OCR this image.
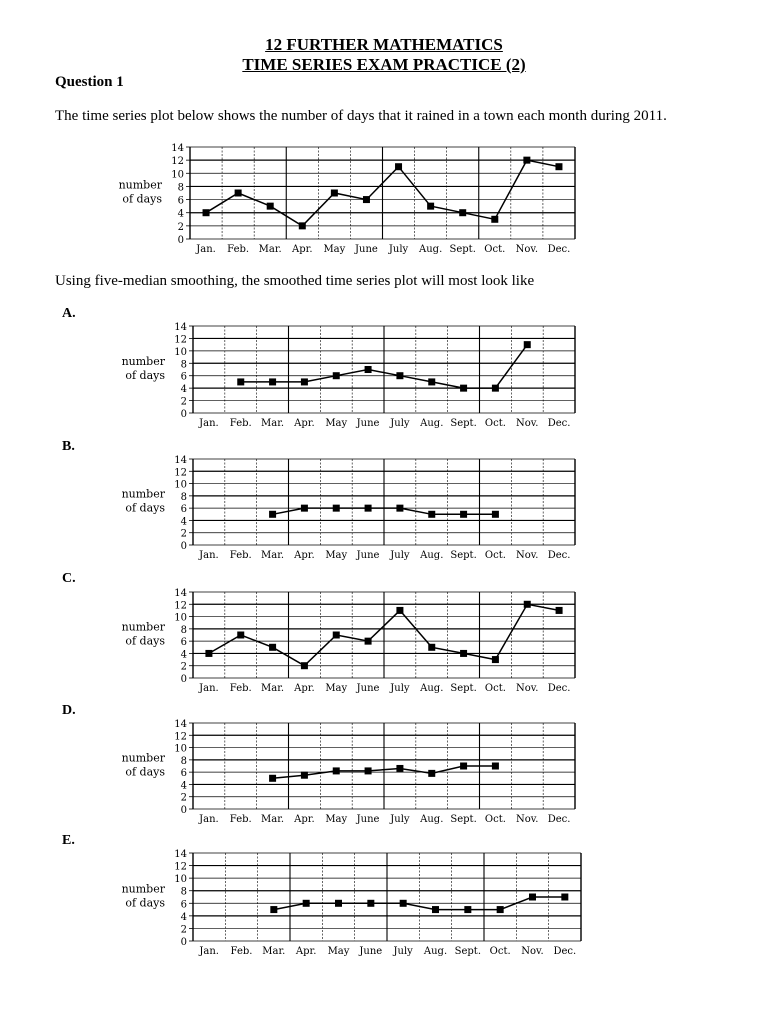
12 FURTHER MATHEMATICS
TIME SERIES EXAM PRACTICE (2)
Question 1
The time series plot below shows the number of days that it rained in a town each month during 2011.
Using five-median smoothing, the smoothed time series plot will most look like
A.
B.
C.
D.
E.
0
2
4
6
8
10
12
14
Jan. Feb. Mar. Apr. May June July Aug. Sept. Oct. Nov. Dec.
number
of days
0
2
4
6
8
10
12
14
Jan. Feb. Mar. Apr. May June July Aug. Sept. Oct. Nov. Dec.
number
of days
0
2
4
6
8
10
12
14
Jan. Feb. Mar. Apr. May June July Aug. Sept. Oct. Nov. Dec.
number
of days
0
2
4
6
8
10
12
14
Jan. Feb. Mar. Apr. May June July Aug. Sept. Oct. Nov. Dec.
number
of days
0
2
4
6
8
10
12
14
Jan. Feb. Mar. Apr. May June July Aug. Sept. Oct. Nov. Dec.
number
of days
0
2
4
6
8
10
12
14
Jan. Feb. Mar. Apr. May June July Aug. Sept. Oct. Nov. Dec.
number
of days
